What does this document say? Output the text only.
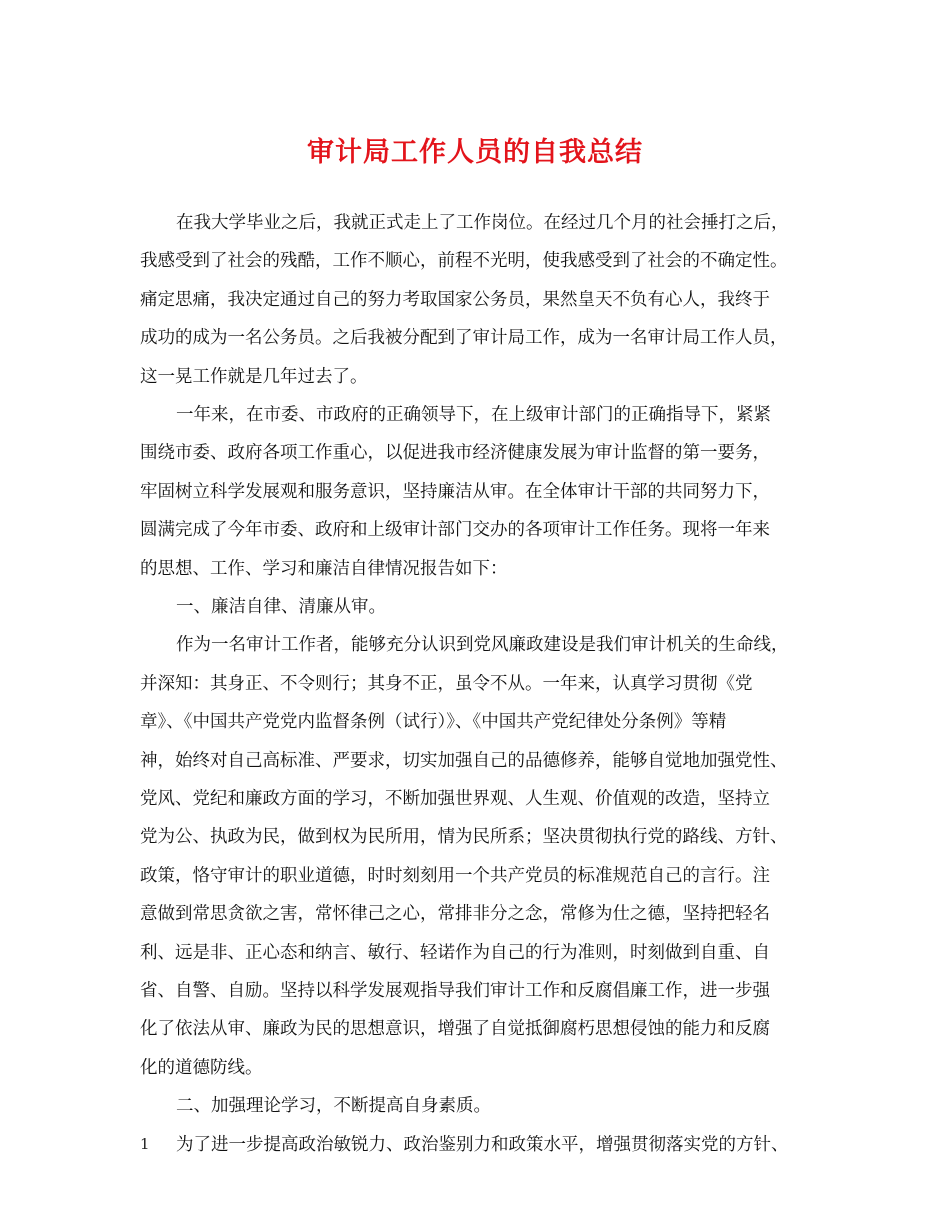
审计局工作人员的自我总结
在我大学毕业之后，我就正式走上了工作岗位。在经过几个月的社会捶打之后，
我感受到了社会的残酷，工作不顺心，前程不光明，使我感受到了社会的不确定性。
痛定思痛，我决定通过自己的努力考取国家公务员，果然皇天不负有心人，我终于
成功的成为一名公务员。之后我被分配到了审计局工作，成为一名审计局工作人员，
这一晃工作就是几年过去了。
一年来，在市委、市政府的正确领导下，在上级审计部门的正确指导下，紧紧
围绕市委、政府各项工作重心，以促进我市经济健康发展为审计监督的第一要务，
牢固树立科学发展观和服务意识，坚持廉洁从审。在全体审计干部的共同努力下，
圆满完成了今年市委、政府和上级审计部门交办的各项审计工作任务。现将一年来
的思想、工作、学习和廉洁自律情况报告如下：
一、廉洁自律、清廉从审。
作为一名审计工作者，能够充分认识到党风廉政建设是我们审计机关的生命线，
并深知：其身正、不令则行；其身不正，虽令不从。一年来，认真学习贯彻《党
章》、《中国共产党党内监督条例（试行）》、《中国共产党纪律处分条例》等精
神，始终对自己高标准、严要求，切实加强自己的品德修养，能够自觉地加强党性、
党风、党纪和廉政方面的学习，不断加强世界观、人生观、价值观的改造，坚持立
党为公、执政为民，做到权为民所用，情为民所系；坚决贯彻执行党的路线、方针、
政策，恪守审计的职业道德，时时刻刻用一个共产党员的标准规范自己的言行。注
意做到常思贪欲之害，常怀律己之心，常排非分之念，常修为仕之德，坚持把轻名
利、远是非、正心态和纳言、敏行、轻诺作为自己的行为准则，时刻做到自重、自
省、自警、自励。坚持以科学发展观指导我们审计工作和反腐倡廉工作，进一步强
化了依法从审、廉政为民的思想意识，增强了自觉抵御腐朽思想侵蚀的能力和反腐
化的道德防线。
二、加强理论学习，不断提高自身素质。
为了进一步提高政治敏锐力、政治鉴别力和政策水平，增强贯彻落实党的方针、
1
